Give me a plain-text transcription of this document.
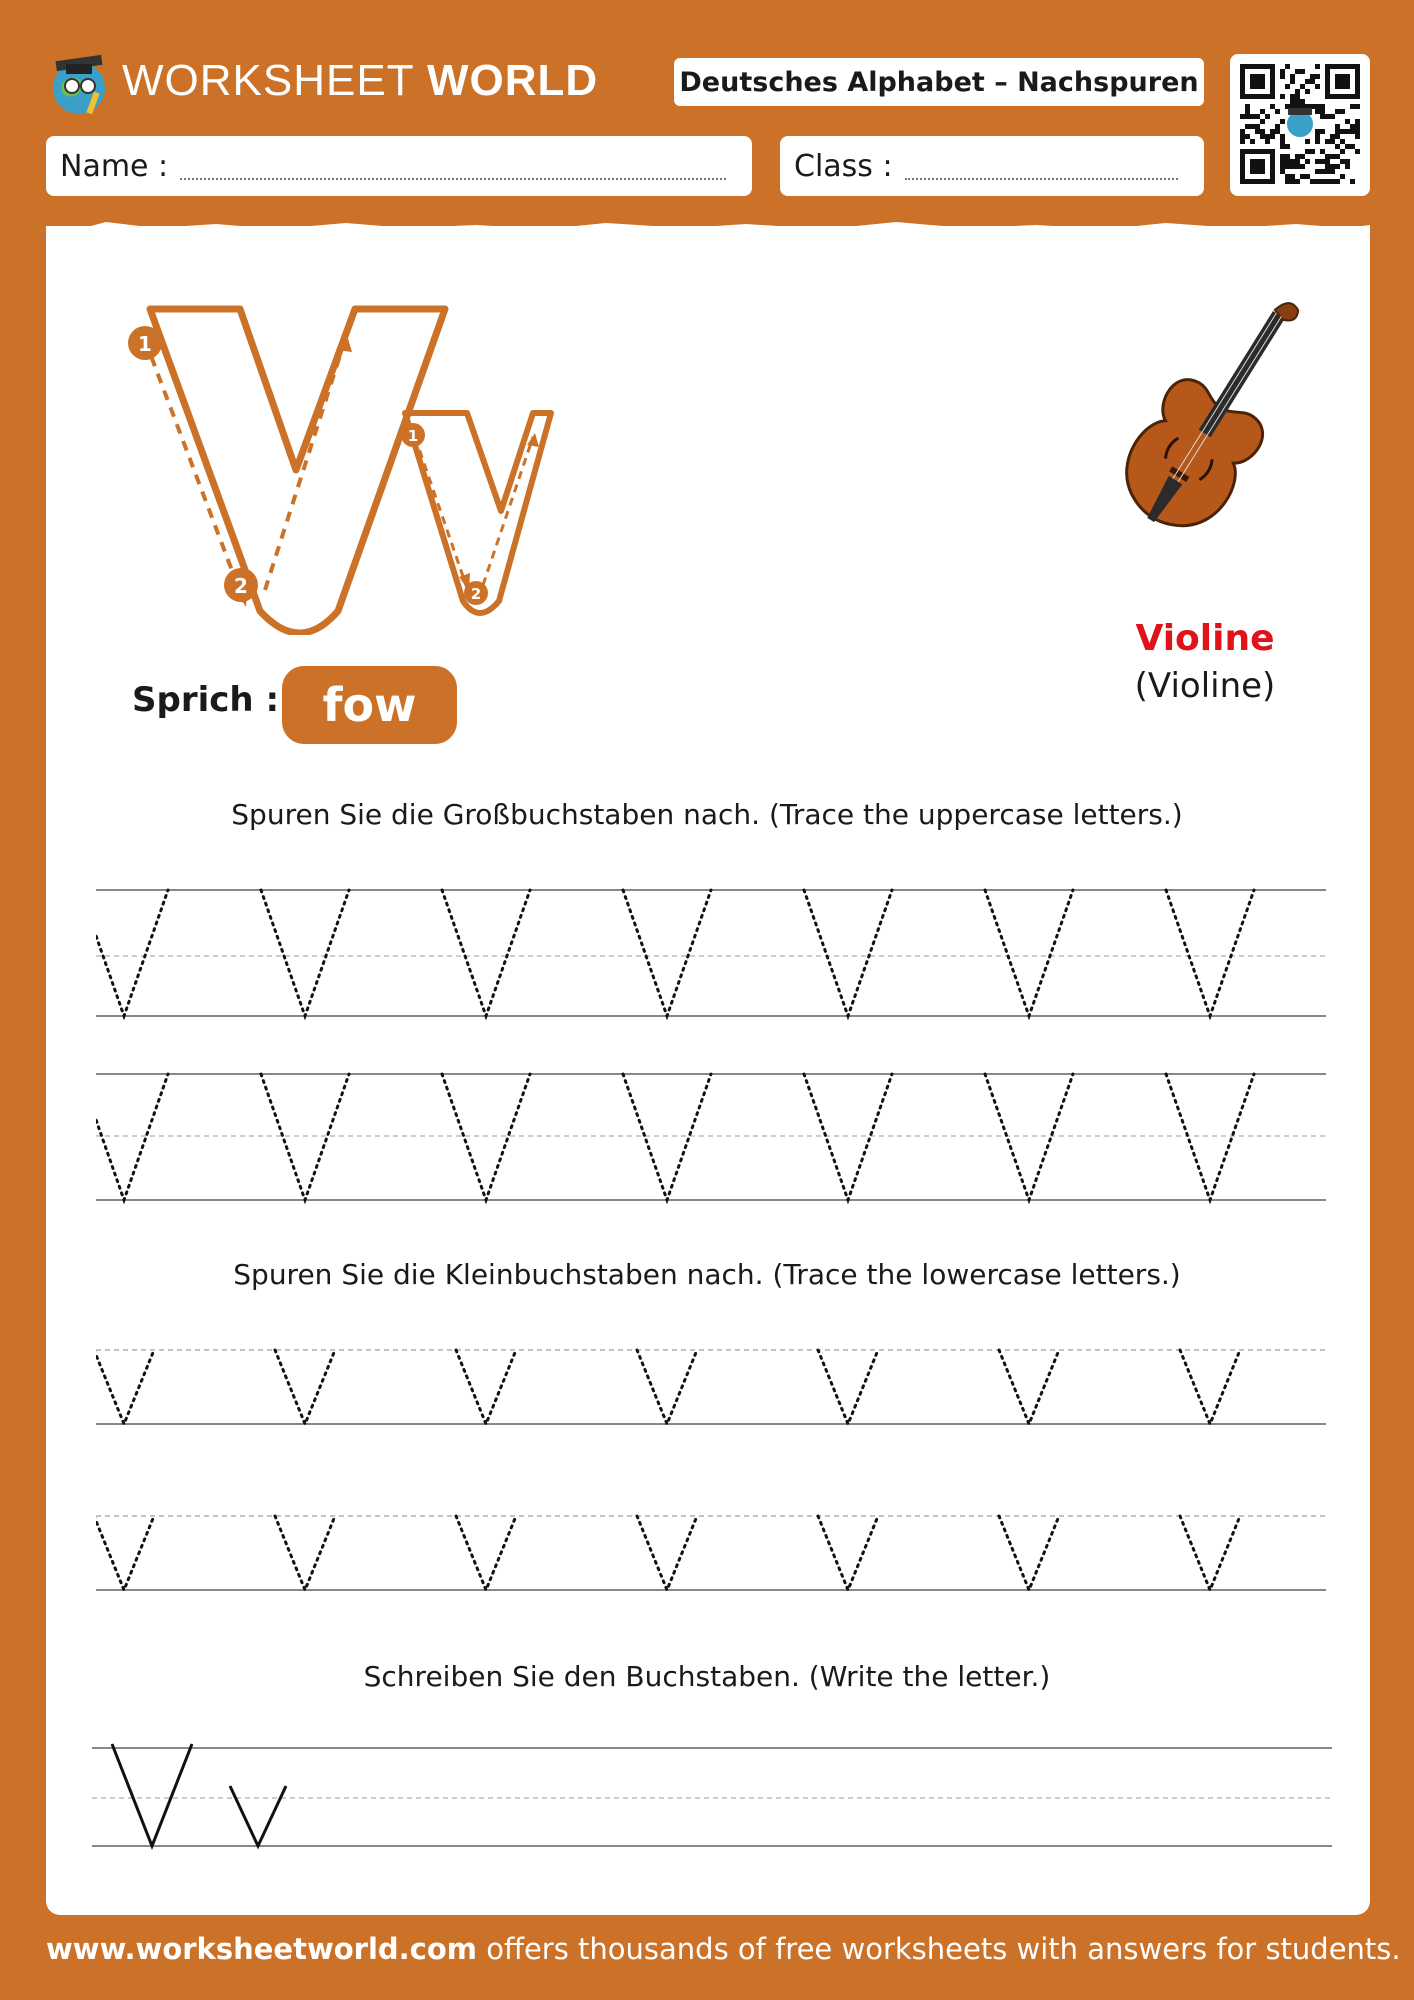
WORKSHEET WORLD	Deutsches Alphabet – Nachspuren
Name :	Class :
1
2
1
2
Violine
(Violine)
Sprich : fow
Spuren Sie die Großbuchstaben nach. (Trace the uppercase letters.)
Spuren Sie die Kleinbuchstaben nach. (Trace the lowercase letters.)
Schreiben Sie den Buchstaben. (Write the letter.)
www.worksheetworld.com offers thousands of free worksheets with answers for students.
